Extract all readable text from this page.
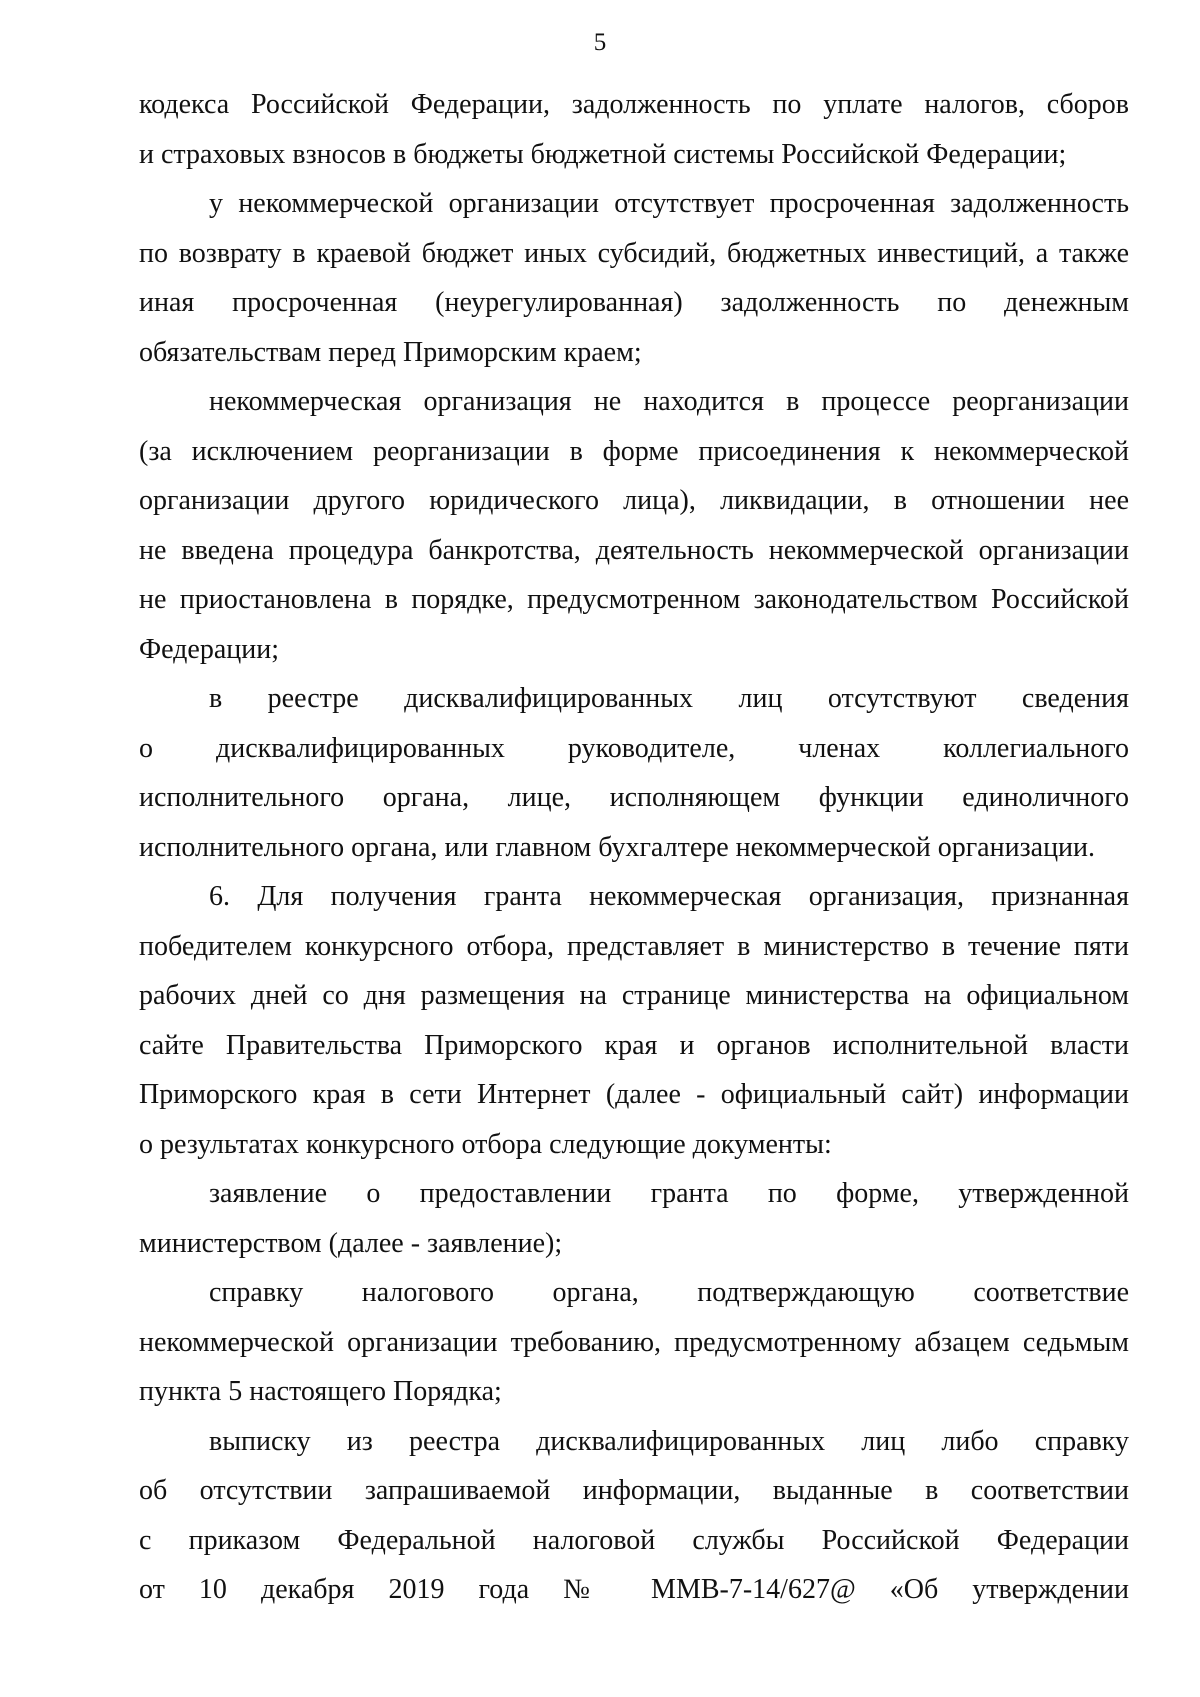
5

кодекса Российской Федерации, задолженность по уплате налогов, сборов
и страховых взносов в бюджеты бюджетной системы Российской Федерации;

у некоммерческой организации отсутствует просроченная задолженность
по возврату в краевой бюджет иных субсидий, бюджетных инвестиций, а также
иная просроченная (неурегулированная) задолженность по денежным
обязательствам перед Приморским краем;

некоммерческая организация не находится в процессе реорганизации
(за исключением реорганизации в форме присоединения к некоммерческой
организации другого юридического лица), ликвидации, в отношении нее
не введена процедура банкротства, деятельность некоммерческой организации
не приостановлена в порядке, предусмотренном законодательством Российской
Федерации;

в реестре дисквалифицированных лиц отсутствуют сведения
о дисквалифицированных руководителе, членах коллегиального
исполнительного органа, лице, исполняющем функции единоличного
исполнительного органа, или главном бухгалтере некоммерческой организации.

6. Для получения гранта некоммерческая организация, признанная
победителем конкурсного отбора, представляет в министерство в течение пяти
рабочих дней со дня размещения на странице министерства на официальном
сайте Правительства Приморского края и органов исполнительной власти
Приморского края в сети Интернет (далее - официальный сайт) информации
о результатах конкурсного отбора следующие документы:

заявление о предоставлении гранта по форме, утвержденной
министерством (далее - заявление);

справку налогового органа, подтверждающую соответствие
некоммерческой организации требованию, предусмотренному абзацем седьмым
пункта 5 настоящего Порядка;

выписку из реестра дисквалифицированных лиц либо справку
об отсутствии запрашиваемой информации, выданные в соответствии
с приказом Федеральной налоговой службы Российской Федерации
от 10 декабря 2019 года № ММВ-7-14/627@ «Об утверждении
